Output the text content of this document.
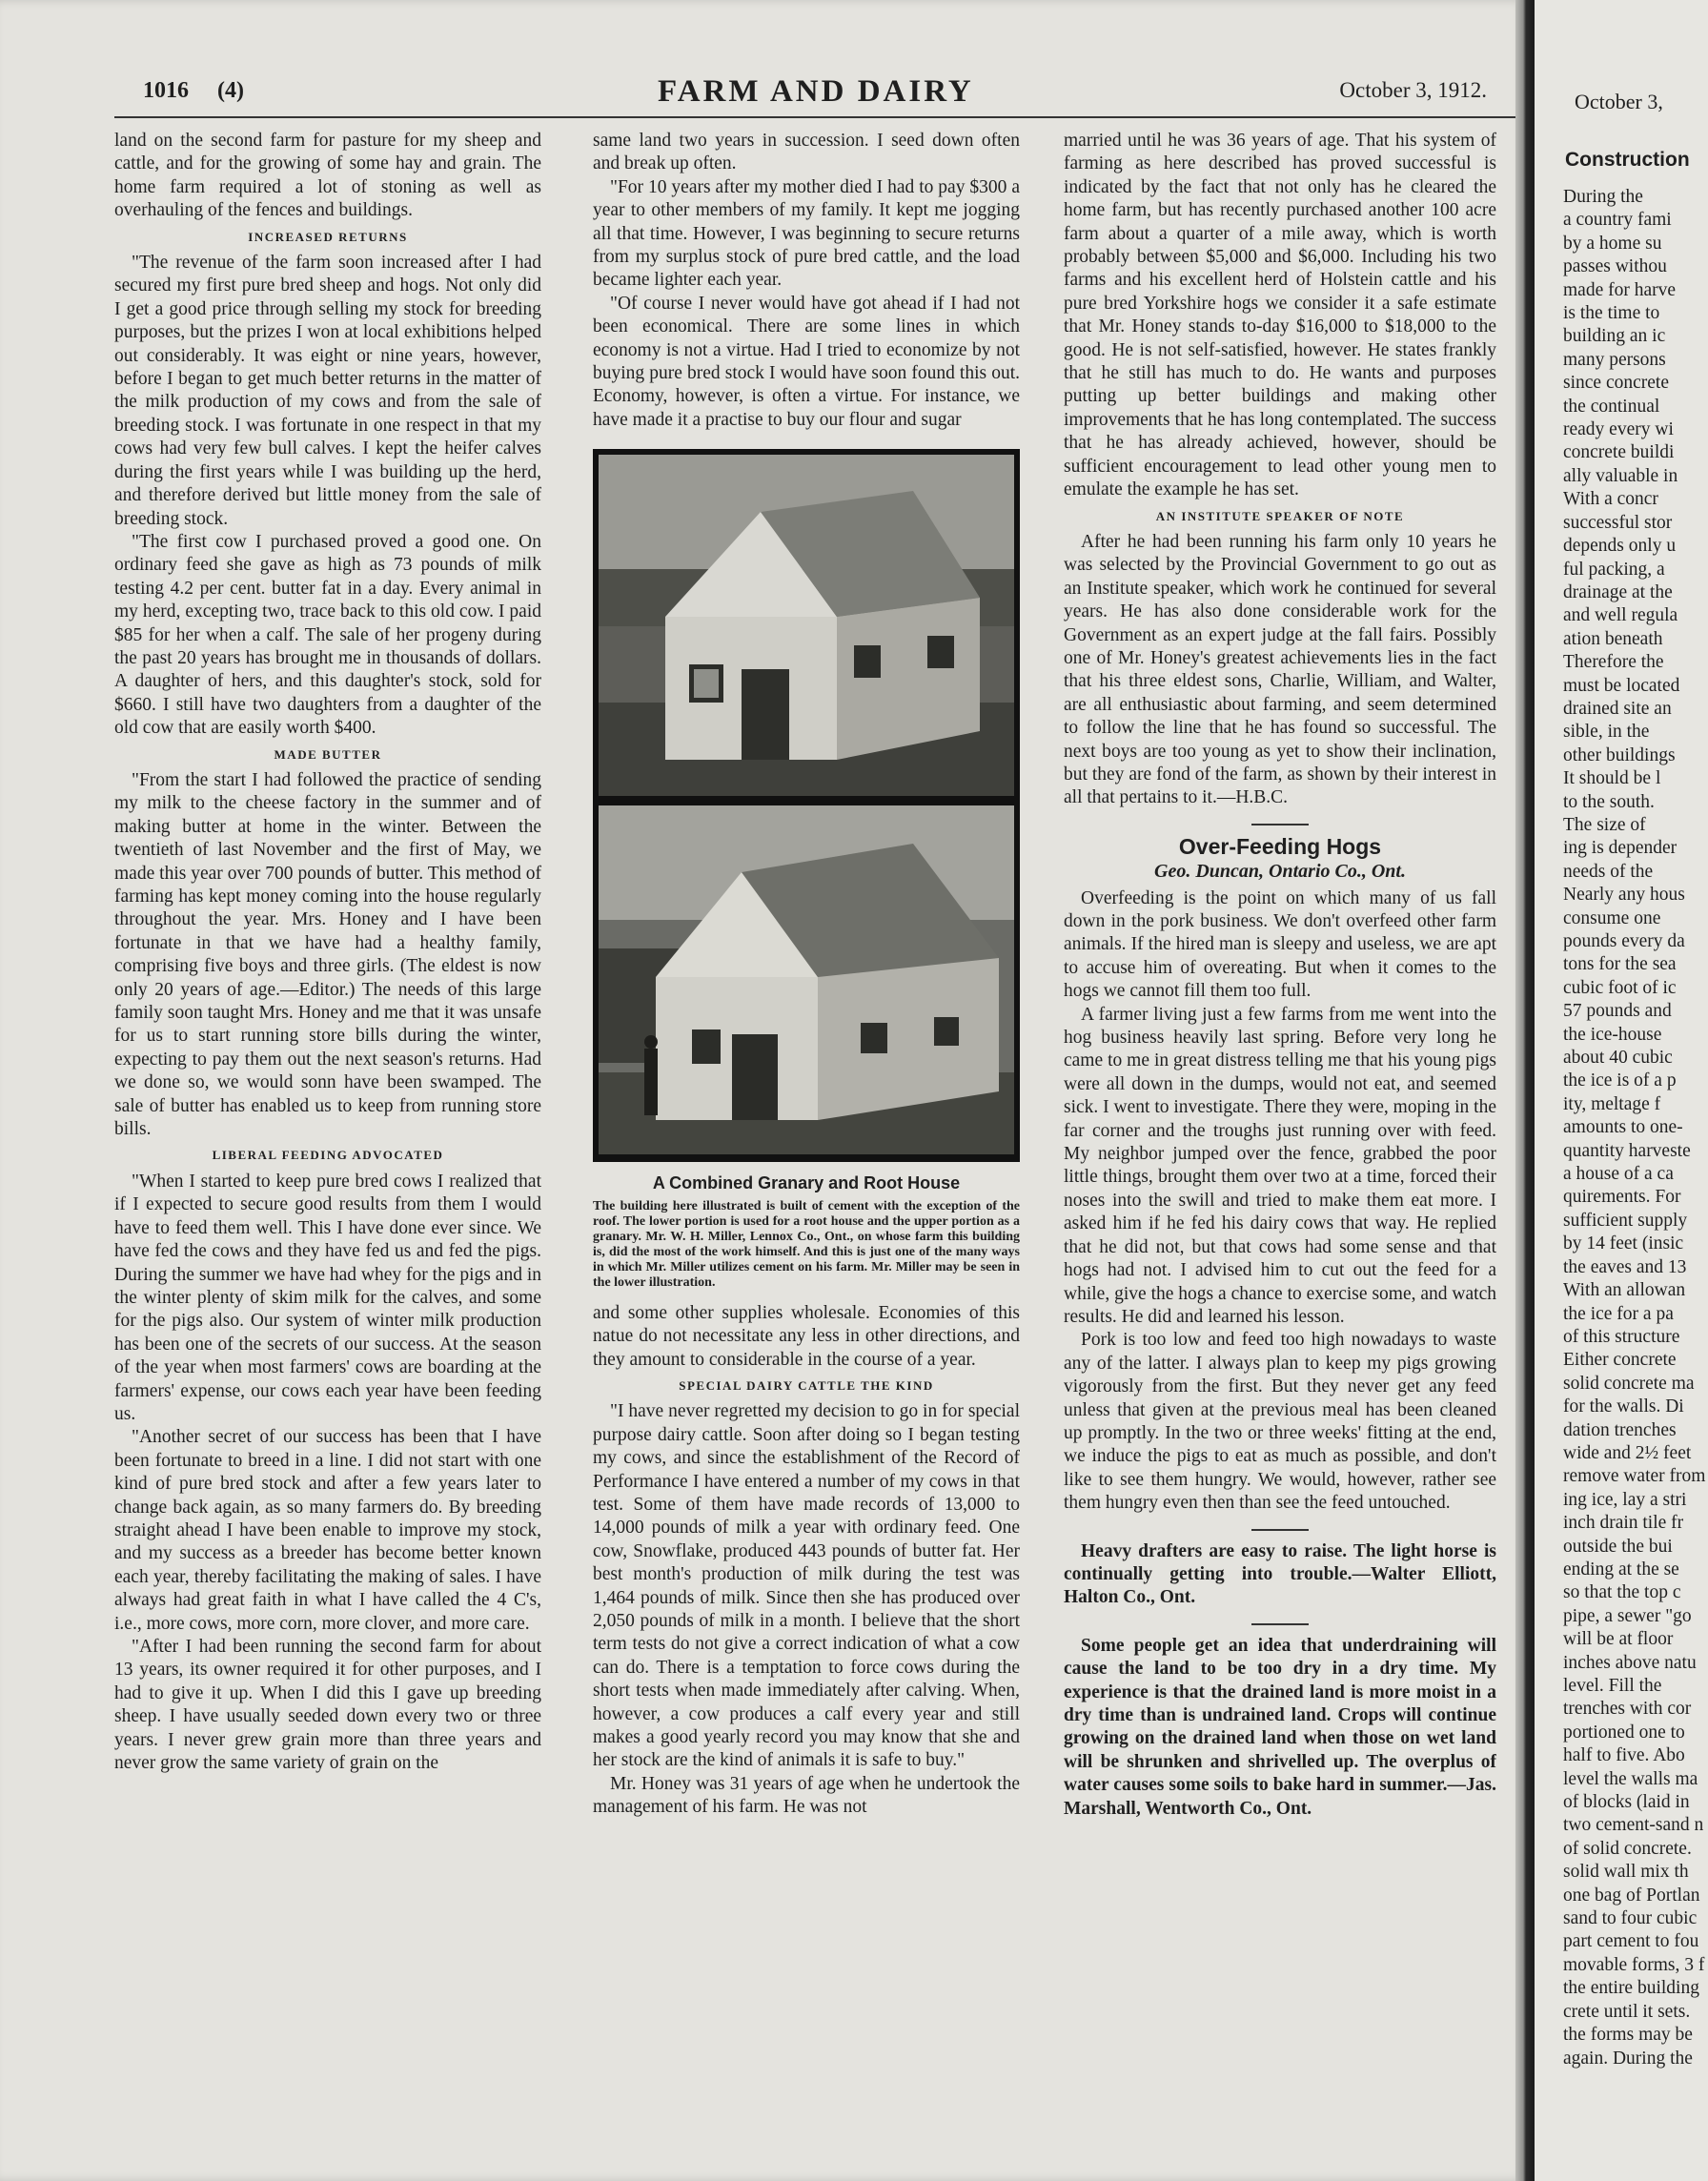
1016 (4)	FARM AND DAIRY	October 3, 1912.

land on the second farm for pasture for my sheep and cattle, and for the growing of some hay and grain. The home farm required a lot of stoning as well as overhauling of the fences and buildings.

INCREASED RETURNS

"The revenue of the farm soon increased after I had secured my first pure bred sheep and hogs. Not only did I get a good price through selling my stock for breeding purposes, but the prizes I won at local exhibitions helped out considerably. It was eight or nine years, however, before I began to get much better returns in the matter of the milk production of my cows and from the sale of breeding stock. I was fortunate in one respect in that my cows had very few bull calves. I kept the heifer calves during the first years while I was building up the herd, and therefore derived but little money from the sale of breeding stock.

"The first cow I purchased proved a good one. On ordinary feed she gave as high as 73 pounds of milk testing 4.2 per cent. butter fat in a day. Every animal in my herd, excepting two, trace back to this old cow. I paid $85 for her when a calf. The sale of her progeny during the past 20 years has brought me in thousands of dollars. A daughter of hers, and this daughter's stock, sold for $660. I still have two daughters from a daughter of the old cow that are easily worth $400.

MADE BUTTER

"From the start I had followed the practice of sending my milk to the cheese factory in the summer and of making butter at home in the winter. Between the twentieth of last November and the first of May, we made this year over 700 pounds of butter. This method of farming has kept money coming into the house regularly throughout the year. Mrs. Honey and I have been fortunate in that we have had a healthy family, comprising five boys and three girls. (The eldest is now only 20 years of age.—Editor.) The needs of this large family soon taught Mrs. Honey and me that it was unsafe for us to start running store bills during the winter, expecting to pay them out the next season's returns. Had we done so, we would sonn have been swamped. The sale of butter has enabled us to keep from running store bills.

LIBERAL FEEDING ADVOCATED

"When I started to keep pure bred cows I realized that if I expected to secure good results from them I would have to feed them well. This I have done ever since. We have fed the cows and they have fed us and fed the pigs. During the summer we have had whey for the pigs and in the winter plenty of skim milk for the calves, and some for the pigs also. Our system of winter milk production has been one of the secrets of our success. At the season of the year when most farmers' cows are boarding at the farmers' expense, our cows each year have been feeding us.

"Another secret of our success has been that I have been fortunate to breed in a line. I did not start with one kind of pure bred stock and after a few years later to change back again, as so many farmers do. By breeding straight ahead I have been enable to improve my stock, and my success as a breeder has become better known each year, thereby facilitating the making of sales. I have always had great faith in what I have called the 4 C's, i.e., more cows, more corn, more clover, and more care.

"After I had been running the second farm for about 13 years, its owner required it for other purposes, and I had to give it up. When I did this I gave up breeding sheep. I have usually seeded down every two or three years. I never grew grain more than three years and never grow the same variety of grain on the

same land two years in succession. I seed down often and break up often.

"For 10 years after my mother died I had to pay $300 a year to other members of my family. It kept me jogging all that time. However, I was beginning to secure returns from my surplus stock of pure bred cattle, and the load became lighter each year.

"Of course I never would have got ahead if I had not been economical. There are some lines in which economy is not a virtue. Had I tried to economize by not buying pure bred stock I would have soon found this out. Economy, however, is often a virtue. For instance, we have made it a practise to buy our flour and sugar

A Combined Granary and Root House
The building here illustrated is built of cement with the exception of the roof. The lower portion is used for a root house and the upper portion as a granary. Mr. W. H. Miller, Lennox Co., Ont., on whose farm this building is, did the most of the work himself. And this is just one of the many ways in which Mr. Miller utilizes cement on his farm. Mr. Miller may be seen in the lower illustration.

and some other supplies wholesale. Economies of this natue do not necessitate any less in other directions, and they amount to considerable in the course of a year.

SPECIAL DAIRY CATTLE THE KIND

"I have never regretted my decision to go in for special purpose dairy cattle. Soon after doing so I began testing my cows, and since the establishment of the Record of Performance I have entered a number of my cows in that test. Some of them have made records of 13,000 to 14,000 pounds of milk a year with ordinary feed. One cow, Snowflake, produced 443 pounds of butter fat. Her best month's production of milk during the test was 1,464 pounds of milk. Since then she has produced over 2,050 pounds of milk in a month. I believe that the short term tests do not give a correct indication of what a cow can do. There is a temptation to force cows during the short tests when made immediately after calving. When, however, a cow produces a calf every year and still makes a good yearly record you may know that she and her stock are the kind of animals it is safe to buy."

Mr. Honey was 31 years of age when he undertook the management of his farm. He was not

married until he was 36 years of age. That his system of farming as here described has proved successful is indicated by the fact that not only has he cleared the home farm, but has recently purchased another 100 acre farm about a quarter of a mile away, which is worth probably between $5,000 and $6,000. Including his two farms and his excellent herd of Holstein cattle and his pure bred Yorkshire hogs we consider it a safe estimate that Mr. Honey stands to-day $16,000 to $18,000 to the good. He is not self-satisfied, however. He states frankly that he still has much to do. He wants and purposes putting up better buildings and making other improvements that he has long contemplated. The success that he has already achieved, however, should be sufficient encouragement to lead other young men to emulate the example he has set.

AN INSTITUTE SPEAKER OF NOTE

After he had been running his farm only 10 years he was selected by the Provincial Government to go out as an Institute speaker, which work he continued for several years. He has also done considerable work for the Government as an expert judge at the fall fairs. Possibly one of Mr. Honey's greatest achievements lies in the fact that his three eldest sons, Charlie, William, and Walter, are all enthusiastic about farming, and seem determined to follow the line that he has found so successful. The next boys are too young as yet to show their inclination, but they are fond of the farm, as shown by their interest in all that pertains to it.—H.B.C.

Over-Feeding Hogs
Geo. Duncan, Ontario Co., Ont.

Overfeeding is the point on which many of us fall down in the pork business. We don't overfeed other farm animals. If the hired man is sleepy and useless, we are apt to accuse him of overeating. But when it comes to the hogs we cannot fill them too full.

A farmer living just a few farms from me went into the hog business heavily last spring. Before very long he came to me in great distress telling me that his young pigs were all down in the dumps, would not eat, and seemed sick. I went to investigate. There they were, moping in the far corner and the troughs just running over with feed. My neighbor jumped over the fence, grabbed the poor little things, brought them over two at a time, forced their noses into the swill and tried to make them eat more. I asked him if he fed his dairy cows that way. He replied that he did not, but that cows had some sense and that hogs had not. I advised him to cut out the feed for a while, give the hogs a chance to exercise some, and watch results. He did and learned his lesson.

Pork is too low and feed too high nowadays to waste any of the latter. I always plan to keep my pigs growing vigorously from the first. But they never get any feed unless that given at the previous meal has been cleaned up promptly. In the two or three weeks' fitting at the end, we induce the pigs to eat as much as possible, and don't like to see them hungry. We would, however, rather see them hungry even then than see the feed untouched.

Heavy drafters are easy to raise. The light horse is continually getting into trouble.—Walter Elliott, Halton Co., Ont.

Some people get an idea that underdraining will cause the land to be too dry in a dry time. My experience is that the drained land is more moist in a dry time than is undrained land. Crops will continue growing on the drained land when those on wet land will be shrunken and shrivelled up. The overplus of water causes some soils to bake hard in summer.—Jas. Marshall, Wentworth Co., Ont.

October 3,
Construction
During the
a country fami
by a home su
passes withou
made for harve
is the time to
building an ic
many persons
since concrete
the continual
ready every wi
concrete buildi
ally valuable in
With a concr
successful stor
depends only u
ful packing, a
drainage at the
and well regula
ation beneath
Therefore the
must be located
drained site an
sible, in the
other buildings
It should be l
to the south.
The size of
ing is depender
needs of the
Nearly any hous
consume one
pounds every da
tons for the sea
cubic foot of ic
57 pounds and
the ice-house
about 40 cubic
the ice is of a p
ity, meltage f
amounts to one-
quantity harveste
a house of a ca
quirements. For
sufficient supply
by 14 feet (insic
the eaves and 13
With an allowan
the ice for a pa
of this structure
Either concrete
solid concrete ma
for the walls. Di
dation trenches
wide and 2½ feet
remove water from
ing ice, lay a stri
inch drain tile fr
outside the bui
ending at the se
so that the top c
pipe, a sewer "go
will be at floor
inches above natu
level. Fill the
trenches with cor
portioned one to
half to five. Abo
level the walls ma
of blocks (laid in
two cement-sand n
of solid concrete.
solid wall mix th
one bag of Portlan
sand to four cubic
part cement to fou
movable forms, 3 f
the entire building
crete until it sets.
the forms may be
again. During the
